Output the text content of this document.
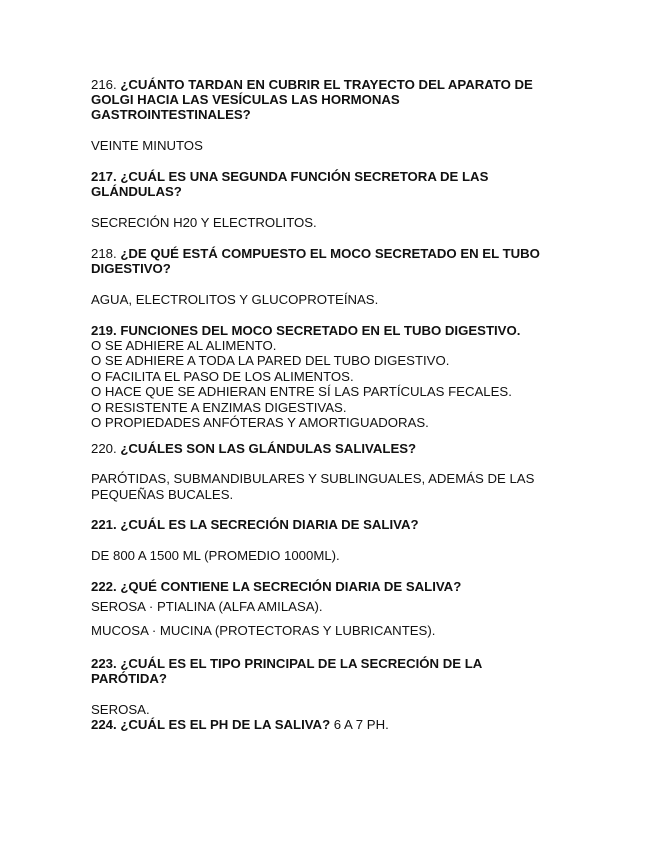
216. ¿CUÁNTO TARDAN EN CUBRIR EL TRAYECTO DEL APARATO DE

GOLGI HACIA LAS VESÍCULAS LAS HORMONAS

GASTROINTESTINALES?

VEINTE MINUTOS

217. ¿CUÁL ES UNA SEGUNDA FUNCIÓN SECRETORA DE LAS

GLÁNDULAS?

SECRECIÓN H20 Y ELECTROLITOS.

218. ¿DE QUÉ ESTÁ COMPUESTO EL MOCO SECRETADO EN EL TUBO

DIGESTIVO?

AGUA, ELECTROLITOS Y GLUCOPROTEÍNAS.

219. FUNCIONES DEL MOCO SECRETADO EN EL TUBO DIGESTIVO.

O SE ADHIERE AL ALIMENTO.

O SE ADHIERE A TODA LA PARED DEL TUBO DIGESTIVO.

O FACILITA EL PASO DE LOS ALIMENTOS.

O HACE QUE SE ADHIERAN ENTRE SÍ LAS PARTÍCULAS FECALES.

O RESISTENTE A ENZIMAS DIGESTIVAS.

O PROPIEDADES ANFÓTERAS Y AMORTIGUADORAS.

220. ¿CUÁLES SON LAS GLÁNDULAS SALIVALES?

PARÓTIDAS, SUBMANDIBULARES Y SUBLINGUALES, ADEMÁS DE LAS

PEQUEÑAS BUCALES.

221. ¿CUÁL ES LA SECRECIÓN DIARIA DE SALIVA?

DE 800 A 1500 ML (PROMEDIO 1000ML).

222. ¿QUÉ CONTIENE LA SECRECIÓN DIARIA DE SALIVA?

SEROSA · PTIALINA (ALFA AMILASA).

MUCOSA · MUCINA (PROTECTORAS Y LUBRICANTES).

223. ¿CUÁL ES EL TIPO PRINCIPAL DE LA SECRECIÓN DE LA

PARÓTIDA?

SEROSA.

224. ¿CUÁL ES EL PH DE LA SALIVA? 6 A 7 PH.
